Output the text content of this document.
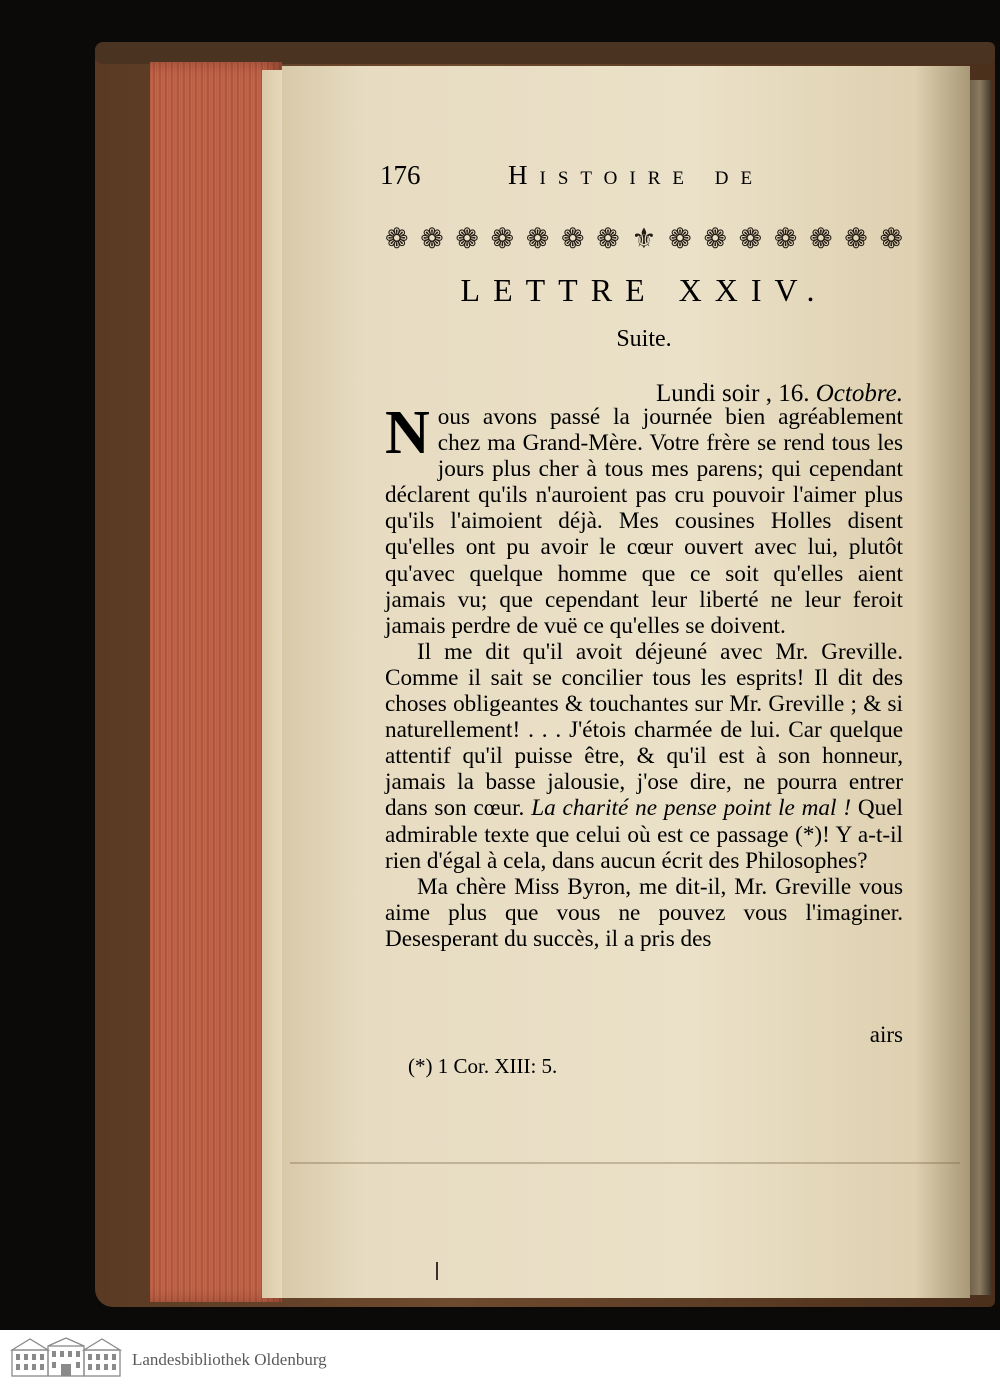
176	Histoire de
❁ ❁ ❁ ❁ ❁ ❁ ❁ ⚜ ❁ ❁ ❁ ❁ ❁ ❁ ❁
LETTRE XXIV.
Suite.
Lundi soir , 16. Octobre.

Nous avons passé la journée bien agréablement chez ma Grand-Mère. Votre frère se rend tous les jours plus cher à tous mes parens; qui cependant déclarent qu'ils n'auroient pas cru pouvoir l'aimer plus qu'ils l'aimoient déjà. Mes cousines Holles disent qu'elles ont pu avoir le cœur ouvert avec lui, plutôt qu'avec quelque homme que ce soit qu'elles aient jamais vu; que cependant leur liberté ne leur feroit jamais perdre de vuë ce qu'elles se doivent.

Il me dit qu'il avoit déjeuné avec Mr. Greville. Comme il sait se concilier tous les esprits! Il dit des choses obligeantes & touchantes sur Mr. Greville ; & si naturellement! . . . J'étois charmée de lui. Car quelque attentif qu'il puisse être, & qu'il est à son honneur, jamais la basse jalousie, j'ose dire, ne pourra entrer dans son cœur. La charité ne pense point le mal ! Quel admirable texte que celui où est ce passage (*)! Y a-t-il rien d'égal à cela, dans aucun écrit des Philosophes?

Ma chère Miss Byron, me dit-il, Mr. Greville vous aime plus que vous ne pouvez vous l'imaginer. Desesperant du succès, il a pris des

airs
(*) 1 Cor. XIII: 5.
Landesbibliothek Oldenburg
